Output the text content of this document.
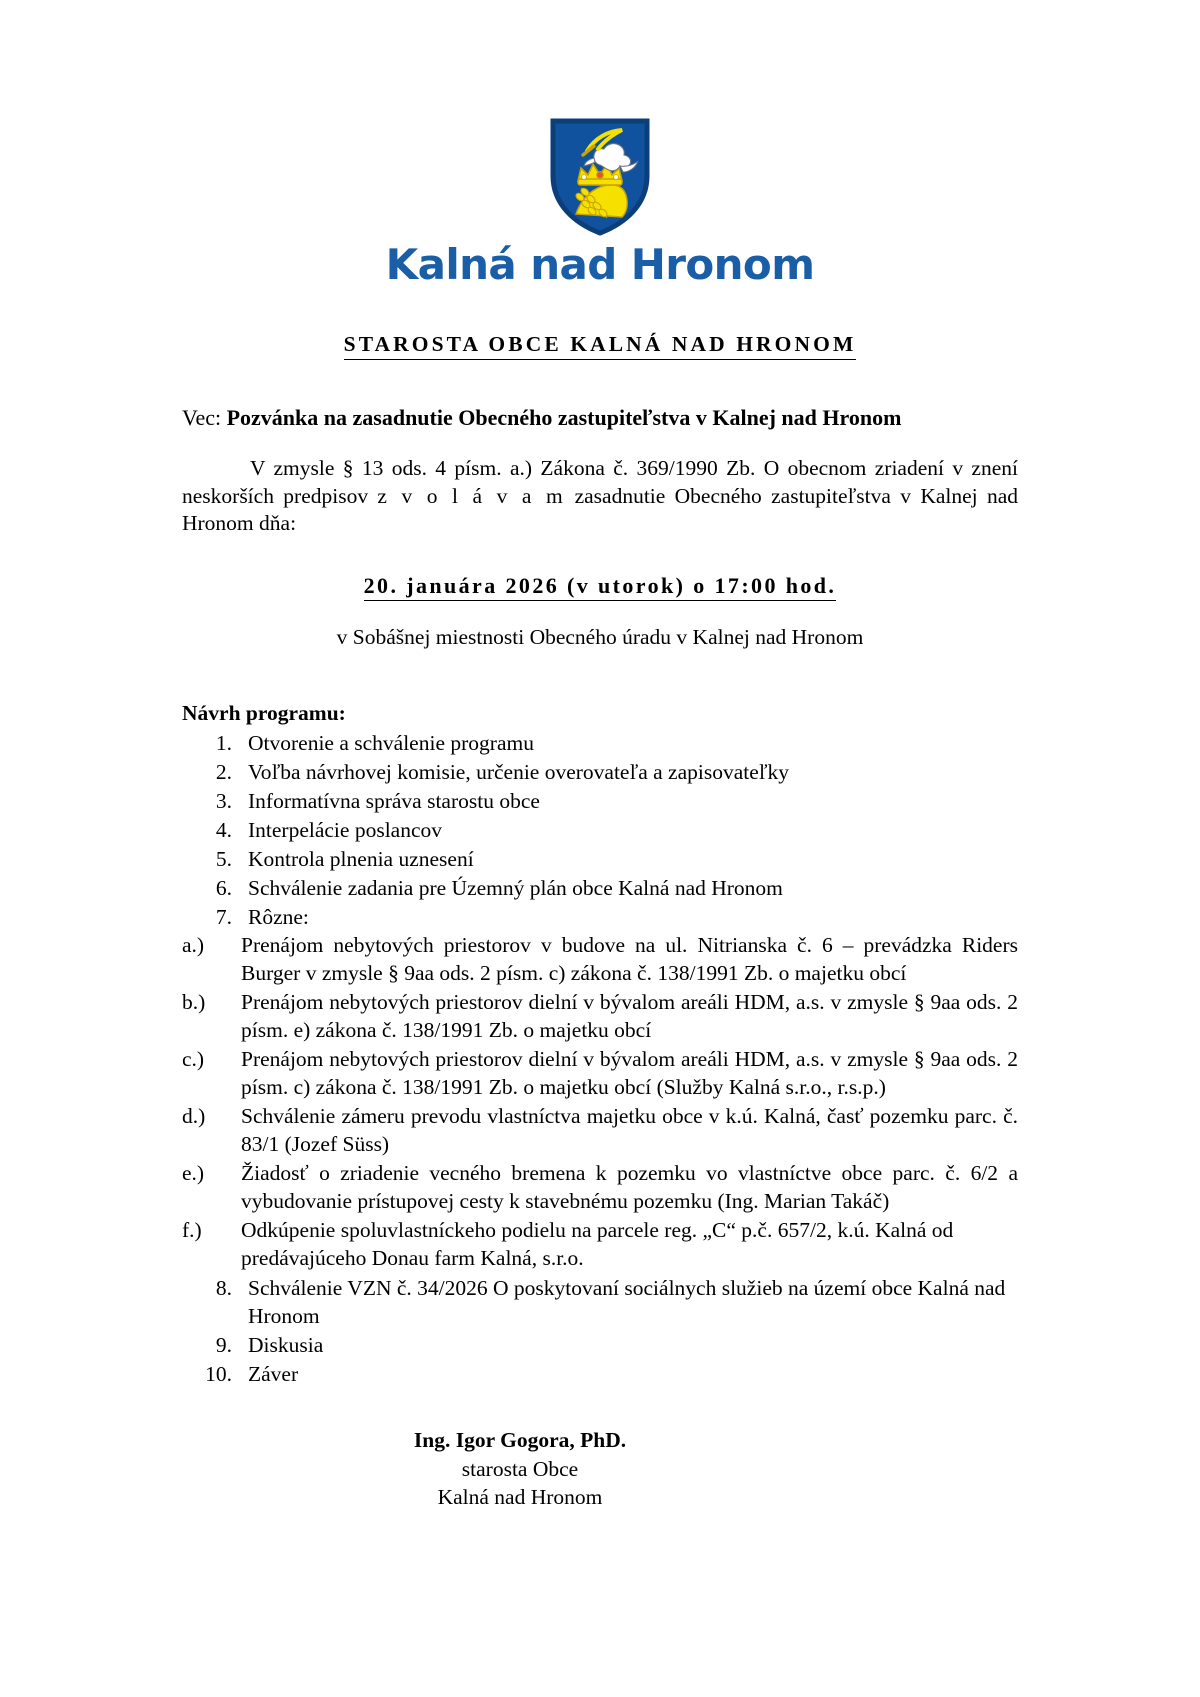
Kalná nad Hronom
STAROSTA OBCE KALNÁ NAD HRONOM

Vec: Pozvánka na zasadnutie Obecného zastupiteľstva v Kalnej nad Hronom

V zmysle § 13 ods. 4 písm. a.) Zákona č. 369/1990 Zb. O obecnom zriadení v znení neskorších predpisov z v o l á v a m zasadnutie Obecného zastupiteľstva v Kalnej nad Hronom dňa:

20. januára 2026 (v utorok) o 17:00 hod.
v Sobášnej miestnosti Obecného úradu v Kalnej nad Hronom
Návrh programu:
1. Otvorenie a schválenie programu
2. Voľba návrhovej komisie, určenie overovateľa a zapisovateľky
3. Informatívna správa starostu obce
4. Interpelácie poslancov
5. Kontrola plnenia uznesení
6. Schválenie zadania pre Územný plán obce Kalná nad Hronom
7. Rôzne:
a.)	Prenájom nebytových priestorov v budove na ul. Nitrianska č. 6 – prevádzka Riders Burger v zmysle § 9aa ods. 2 písm. c) zákona č. 138/1991 Zb. o majetku obcí
b.)	Prenájom nebytových priestorov dielní v bývalom areáli HDM, a.s. v zmysle § 9aa ods. 2 písm. e) zákona č. 138/1991 Zb. o majetku obcí
c.)	Prenájom nebytových priestorov dielní v bývalom areáli HDM, a.s. v zmysle § 9aa ods. 2 písm. c) zákona č. 138/1991 Zb. o majetku obcí (Služby Kalná s.r.o., r.s.p.)
d.)	Schválenie zámeru prevodu vlastníctva majetku obce v k.ú. Kalná, časť pozemku parc. č. 83/1 (Jozef Süss)
e.)	Žiadosť o zriadenie vecného bremena k pozemku vo vlastníctve obce parc. č. 6/2 a vybudovanie prístupovej cesty k stavebnému pozemku (Ing. Marian Takáč)
f.)	Odkúpenie spoluvlastníckeho podielu na parcele reg. „C“ p.č. 657/2, k.ú. Kalná od predávajúceho Donau farm Kalná, s.r.o.
8. Schválenie VZN č. 34/2026 O poskytovaní sociálnych služieb na území obce Kalná nad Hronom
9. Diskusia
10. Záver
Ing. Igor Gogora, PhD.
starosta Obce
Kalná nad Hronom
